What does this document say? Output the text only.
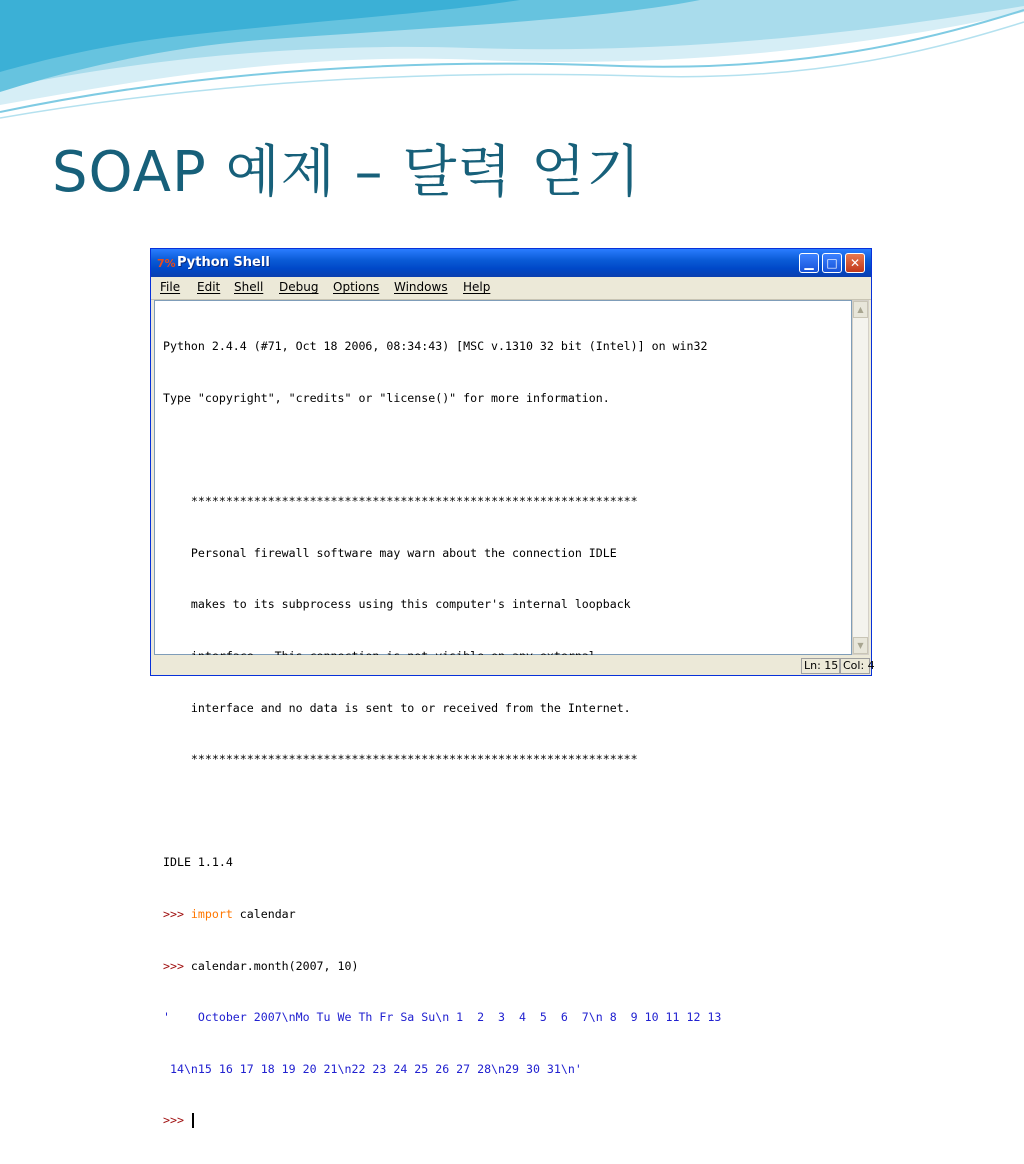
SOAP 예제 – 달력 얻기
7% Python Shell	▁	□	✕
File Edit Shell Debug Options Windows Help

Python 2.4.4 (#71, Oct 18 2006, 08:34:43) [MSC v.1310 32 bit (Intel)] on win32

Type "copyright", "credits" or "license()" for more information.

****************************************************************

Personal firewall software may warn about the connection IDLE

makes to its subprocess using this computer's internal loopback

interface and no data is sent to or received from the Internet.

****************************************************************

IDLE 1.1.4

>>> import calendar

>>> calendar.month(2007, 10)

'    October 2007\nMo Tu We Th Fr Sa Su\n 1  2  3  4  5  6  7\n 8  9 10 11 12 13

14\n15 16 17 18 19 20 21\n22 23 24 25 26 27 28\n29 30 31\n'

>>>

▲
▼
Ln: 15 Col: 4
